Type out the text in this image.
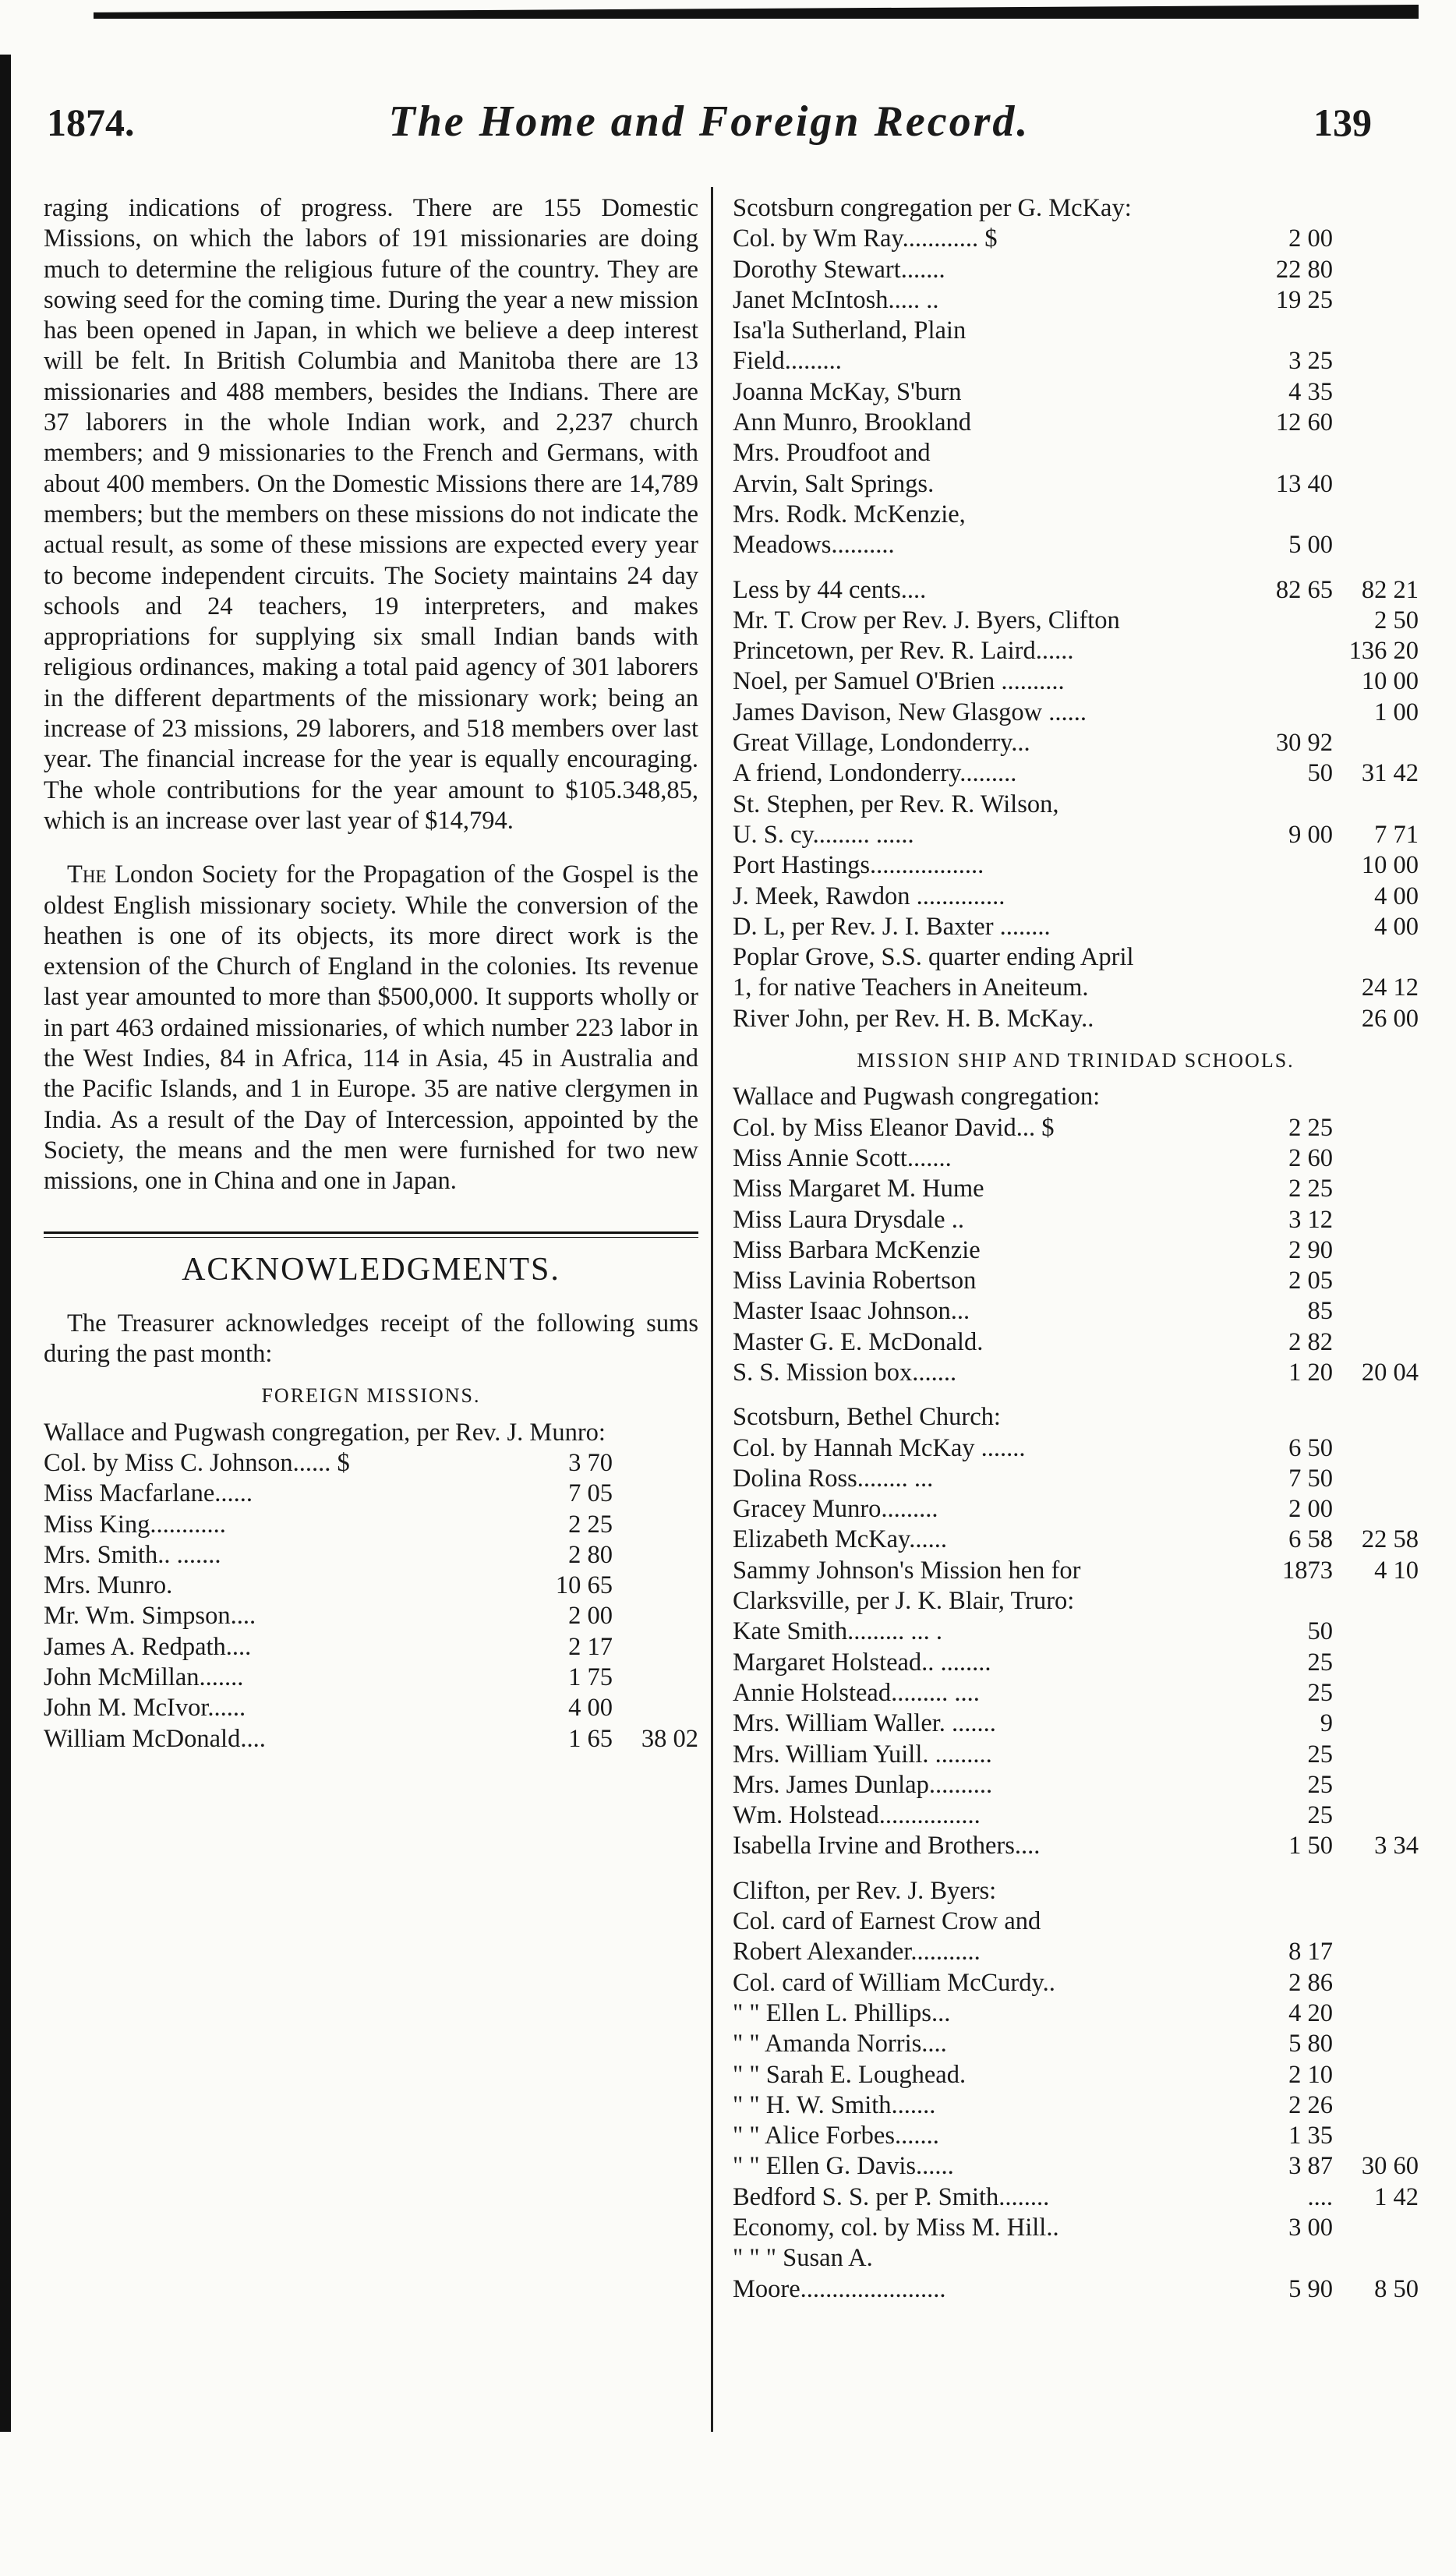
1874.	The Home and Foreign Record.	139

raging indications of progress. There are 155 Domestic Missions, on which the labors of 191 missionaries are doing much to determine the religious future of the country. They are sowing seed for the coming time. During the year a new mission has been opened in Japan, in which we believe a deep interest will be felt. In British Columbia and Manitoba there are 13 missionaries and 488 members, besides the Indians. There are 37 laborers in the whole Indian work, and 2,237 church members; and 9 missionaries to the French and Germans, with about 400 members. On the Domestic Missions there are 14,789 members; but the members on these missions do not indicate the actual result, as some of these missions are expected every year to become independent circuits. The Society maintains 24 day schools and 24 teachers, 19 interpreters, and makes appropriations for supplying six small Indian bands with religious ordinances, making a total paid agency of 301 laborers in the different departments of the missionary work; being an increase of 23 missions, 29 laborers, and 518 members over last year. The financial increase for the year is equally encouraging. The whole contributions for the year amount to $105.348,85, which is an increase over last year of $14,794.

The London Society for the Propagation of the Gospel is the oldest English missionary society. While the conversion of the heathen is one of its objects, its more direct work is the extension of the Church of England in the colonies. Its revenue last year amounted to more than $500,000. It supports wholly or in part 463 ordained missionaries, of which number 223 labor in the West Indies, 84 in Africa, 114 in Asia, 45 in Australia and the Pacific Islands, and 1 in Europe. 35 are native clergymen in India. As a result of the Day of Intercession, appointed by the Society, the means and the men were furnished for two new missions, one in China and one in Japan.

ACKNOWLEDGMENTS.

The Treasurer acknowledges receipt of the following sums during the past month:

FOREIGN MISSIONS.

Wallace and Pugwash congregation, per Rev. J. Munro:

Col. by Miss C. Johnson...... $	3 70
Miss Macfarlane......	7 05
Miss King............	2 25
Mrs. Smith.. .......	2 80
Mrs. Munro.	10 65
Mr. Wm. Simpson....	2 00
James A. Redpath....	2 17
John McMillan.......	1 75
John M. McIvor......	4 00
William McDonald....	1 65	38 02

Scotsburn congregation per G. McKay:

Col. by Wm Ray............ $	2 00
Dorothy Stewart.......	22 80
Janet McIntosh..... ..	19 25
Isa'la Sutherland, Plain
Field.........	3 25
Joanna McKay, S'burn	4 35
Ann Munro, Brookland	12 60
Mrs. Proudfoot and
Arvin, Salt Springs.	13 40
Mrs. Rodk. McKenzie,
Meadows..........	5 00
Less by 44 cents....	82 65	82 21
Mr. T. Crow per Rev. J. Byers, Clifton	2 50
Princetown, per Rev. R. Laird......	136 20
Noel, per Samuel O'Brien ..........	10 00
James Davison, New Glasgow ......	1 00
Great Village, Londonderry...	30 92
A friend, Londonderry.........	50	31 42
St. Stephen, per Rev. R. Wilson,
U. S. cy......... ......	9 00	7 71
Port Hastings..................	10 00
J. Meek, Rawdon ..............	4 00
D. L, per Rev. J. I. Baxter ........	4 00
Poplar Grove, S.S. quarter ending April
1, for native Teachers in Aneiteum.	24 12
River John, per Rev. H. B. McKay..	26 00
MISSION SHIP AND TRINIDAD SCHOOLS.

Wallace and Pugwash congregation:

Col. by Miss Eleanor David... $	2 25
Miss Annie Scott.......	2 60
Miss Margaret M. Hume	2 25
Miss Laura Drysdale ..	3 12
Miss Barbara McKenzie	2 90
Miss Lavinia Robertson	2 05
Master Isaac Johnson...	85
Master G. E. McDonald.	2 82
S. S. Mission box.......	1 20	20 04

Scotsburn, Bethel Church:

Col. by Hannah McKay .......	6 50
Dolina Ross........ ...	7 50
Gracey Munro.........	2 00
Elizabeth McKay......	6 58	22 58
Sammy Johnson's Mission hen for	1873	4 10
Clarksville, per J. K. Blair, Truro:
Kate Smith......... ... .	50
Margaret Holstead.. ........	25
Annie Holstead......... ....	25
Mrs. William Waller. .......	9
Mrs. William Yuill. .........	25
Mrs. James Dunlap..........	25
Wm. Holstead................	25
Isabella Irvine and Brothers....	1 50	3 34

Clifton, per Rev. J. Byers:

Col. card of Earnest Crow and
Robert Alexander...........	8 17
Col. card of William McCurdy..	2 86
" " Ellen L. Phillips...	4 20
" " Amanda Norris....	5 80
" " Sarah E. Loughead.	2 10
" " H. W. Smith.......	2 26
" " Alice Forbes.......	1 35
" " Ellen G. Davis......	3 87	30 60
Bedford S. S. per P. Smith........	....	1 42
Economy, col. by Miss M. Hill..	3 00
" " " Susan A.
Moore.......................	5 90	8 50
